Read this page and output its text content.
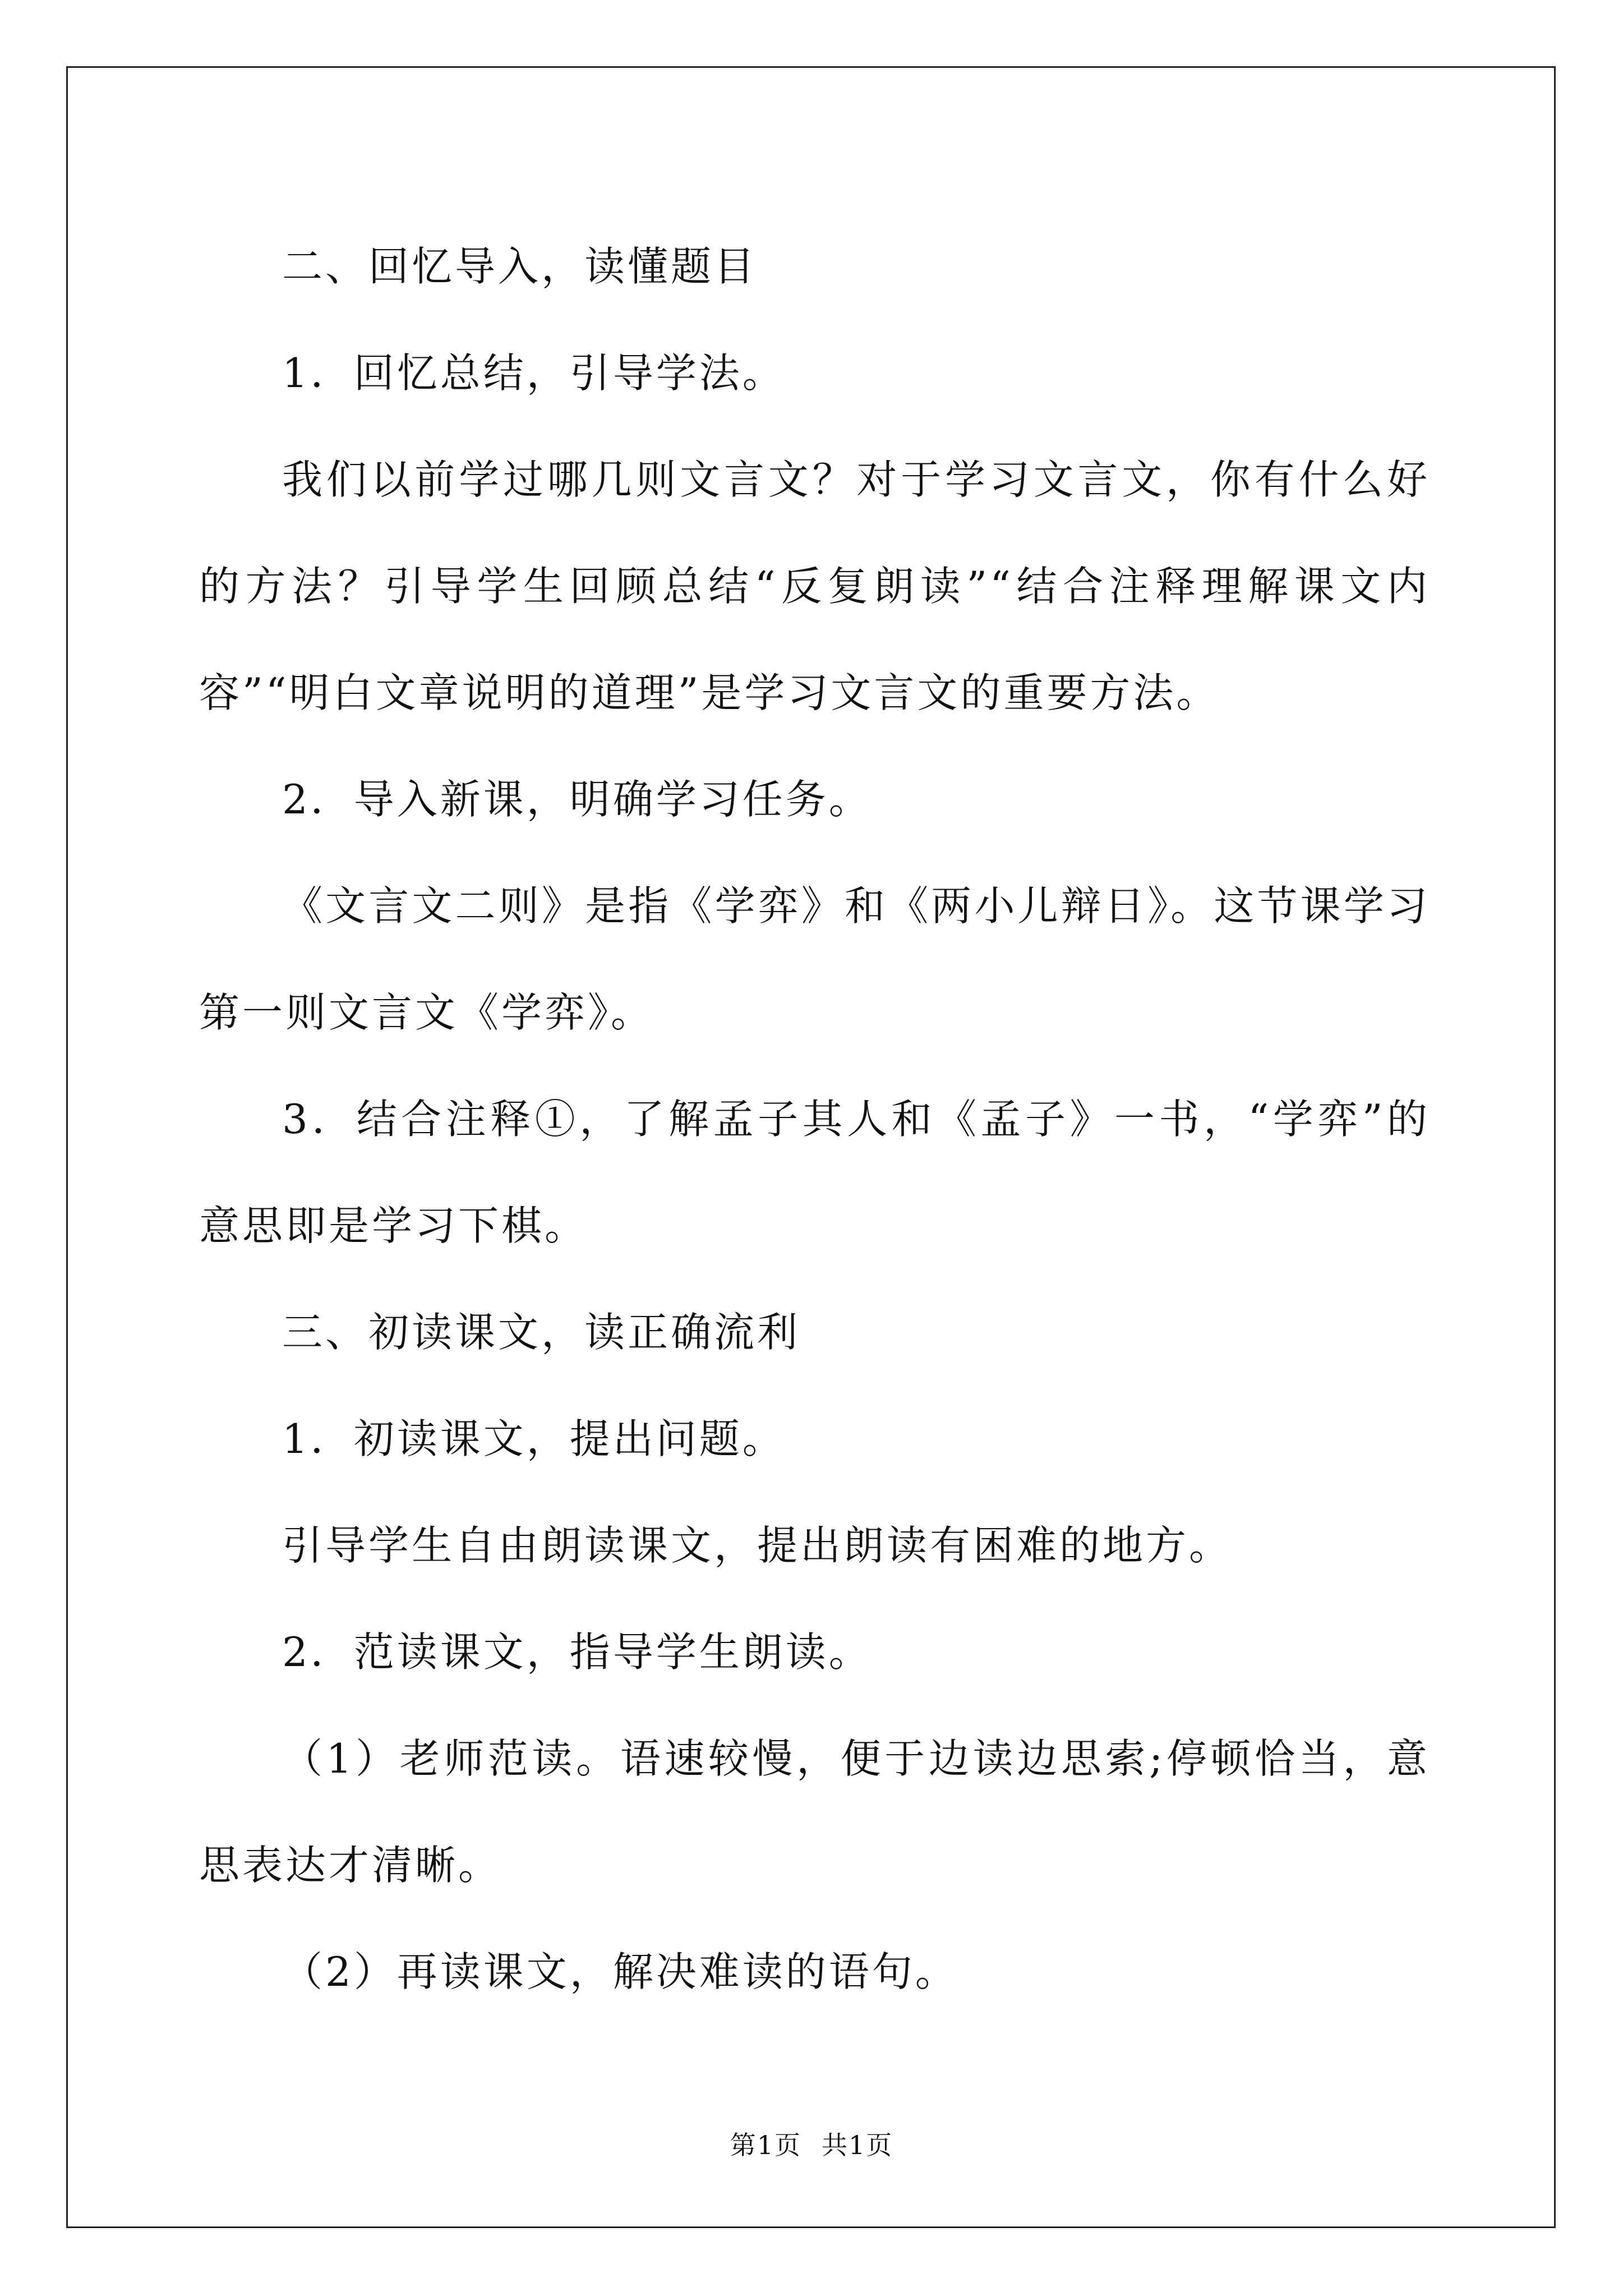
二、回忆导入，读懂题目

1．回忆总结，引导学法。

我们以前学过哪几则文言文？对于学习文言文，你有什么好的方法？引导学生回顾总结“反复朗读”“结合注释理解课文内容”“明白文章说明的道理”是学习文言文的重要方法。

2．导入新课，明确学习任务。

《文言文二则》是指《学弈》和《两小儿辩日》。这节课学习第一则文言文《学弈》。

3．结合注释①，了解孟子其人和《孟子》一书，“学弈”的意思即是学习下棋。

三、初读课文，读正确流利

1．初读课文，提出问题。

引导学生自由朗读课文，提出朗读有困难的地方。

2．范读课文，指导学生朗读。

（1）老师范读。语速较慢，便于边读边思索;停顿恰当，意思表达才清晰。

（2）再读课文，解决难读的语句。

第1页 共1页
